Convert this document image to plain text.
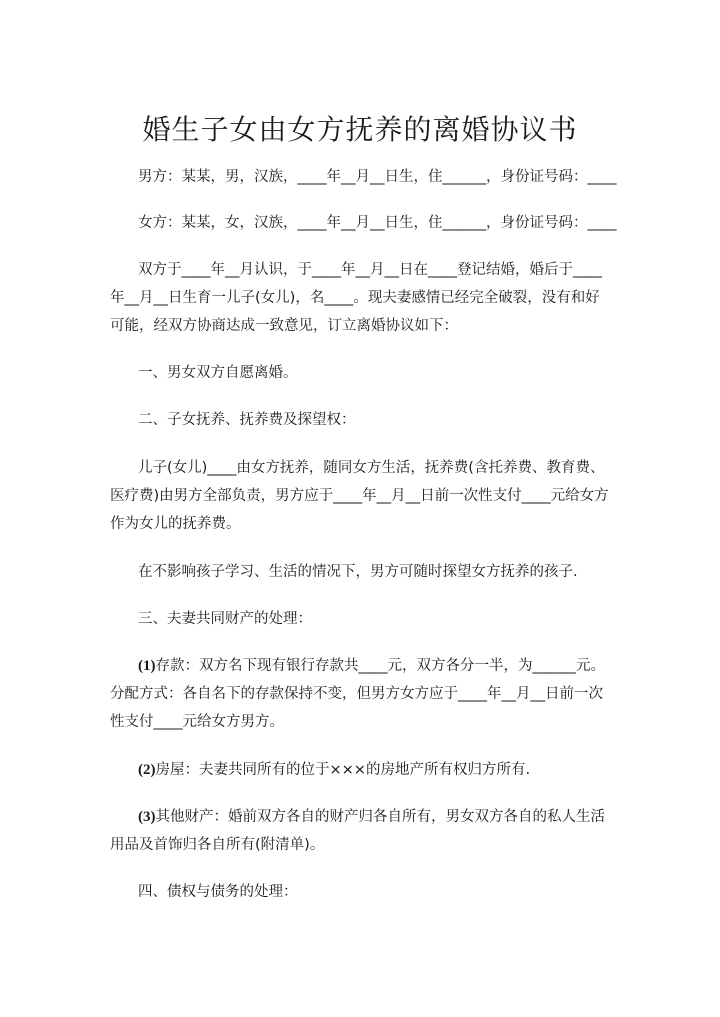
婚生子女由女方抚养的离婚协议书
男方：某某，男，汉族，____年__月__日生，住______，身份证号码：____
女方：某某，女，汉族，____年__月__日生，住______，身份证号码：____
双方于____年__月认识，于____年__月__日在____登记结婚，婚后于____
年__月__日生育一儿子(女儿)，名____。现夫妻感情已经完全破裂，没有和好
可能，经双方协商达成一致意见，订立离婚协议如下：
一、男女双方自愿离婚。
二、子女抚养、抚养费及探望权：
儿子(女儿)____由女方抚养，随同女方生活，抚养费(含托养费、教育费、
医疗费)由男方全部负责，男方应于____年__月__日前一次性支付____元给女方
作为女儿的抚养费。
在不影响孩子学习、生活的情况下，男方可随时探望女方抚养的孩子.
三、夫妻共同财产的处理：
(1)存款：双方名下现有银行存款共____元，双方各分一半，为______元。
分配方式：各自名下的存款保持不变，但男方女方应于____年__月__日前一次
性支付____元给女方男方。
(2)房屋：夫妻共同所有的位于×××的房地产所有权归方所有.
(3)其他财产：婚前双方各自的财产归各自所有，男女双方各自的私人生活
用品及首饰归各自所有(附清单)。
四、债权与债务的处理：
